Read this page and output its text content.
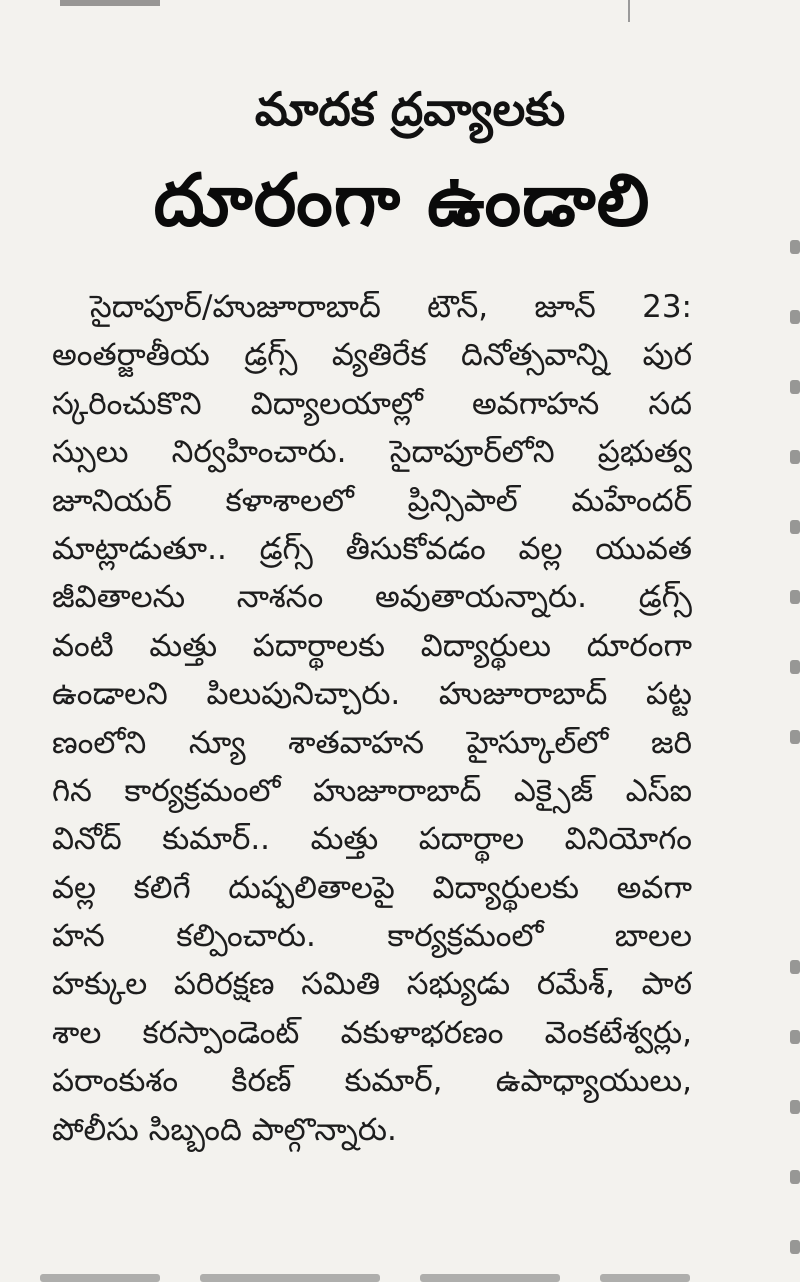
మాదక ద్రవ్యాలకు
దూరంగా ఉండాలి
సైదాపూర్/హుజూరాబాద్ టౌన్, జూన్ 23:
అంతర్జాతీయ డ్రగ్స్ వ్యతిరేక దినోత్సవాన్ని పుర
స్కరించుకొని విద్యాలయాల్లో అవగాహన సద
స్సులు నిర్వహించారు. సైదాపూర్‌లోని ప్రభుత్వ
జూనియర్ కళాశాలలో ప్రిన్సిపాల్ మహేందర్
మాట్లాడుతూ.. డ్రగ్స్ తీసుకోవడం వల్ల యువత
జీవితాలను నాశనం అవుతాయన్నారు. డ్రగ్స్
వంటి మత్తు పదార్థాలకు విద్యార్థులు దూరంగా
ఉండాలని పిలుపునిచ్చారు. హుజూరాబాద్ పట్ట
ణంలోని న్యూ శాతవాహన హైస్కూల్‌లో జరి
గిన కార్యక్రమంలో హుజూరాబాద్ ఎక్సైజ్ ఎస్ఐ
వినోద్ కుమార్.. మత్తు పదార్థాల వినియోగం
వల్ల కలిగే దుష్పలితాలపై విద్యార్థులకు అవగా
హన కల్పించారు. కార్యక్రమంలో బాలల
హక్కుల పరిరక్షణ సమితి సభ్యుడు రమేశ్, పాఠ
శాల కరస్పాండెంట్ వకుళాభరణం వెంకటేశ్వర్లు,
పరాంకుశం కిరణ్ కుమార్, ఉపాధ్యాయులు,
పోలీసు సిబ్బంది పాల్గొన్నారు.
